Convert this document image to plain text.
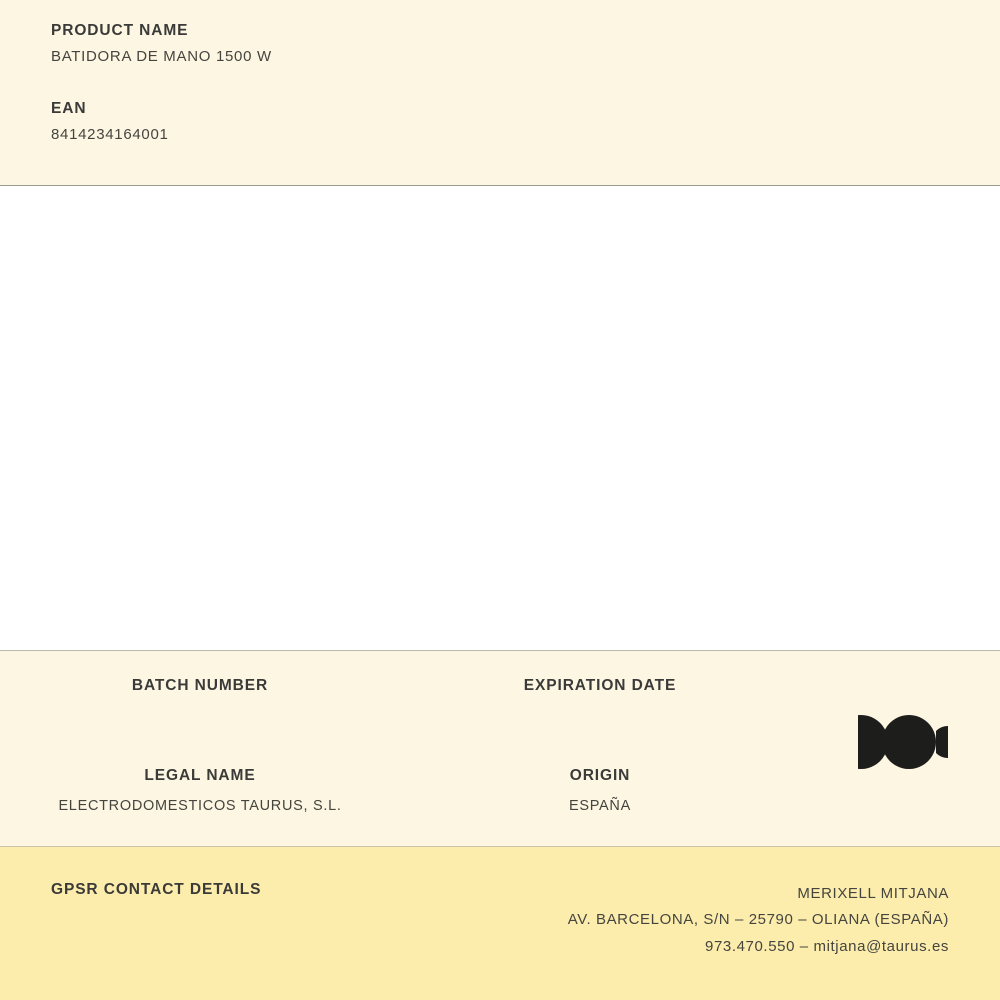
PRODUCT NAME
BATIDORA DE MANO 1500 W
EAN
8414234164001
BATCH NUMBER	EXPIRATION DATE
LEGAL NAME
ELECTRODOMESTICOS TAURUS, S.L.
ORIGIN
ESPAÑA
GPSR CONTACT DETAILS	MERIXELL MITJANA
AV. BARCELONA, S/N – 25790 – OLIANA (ESPAÑA)
973.470.550 – mitjana@taurus.es
